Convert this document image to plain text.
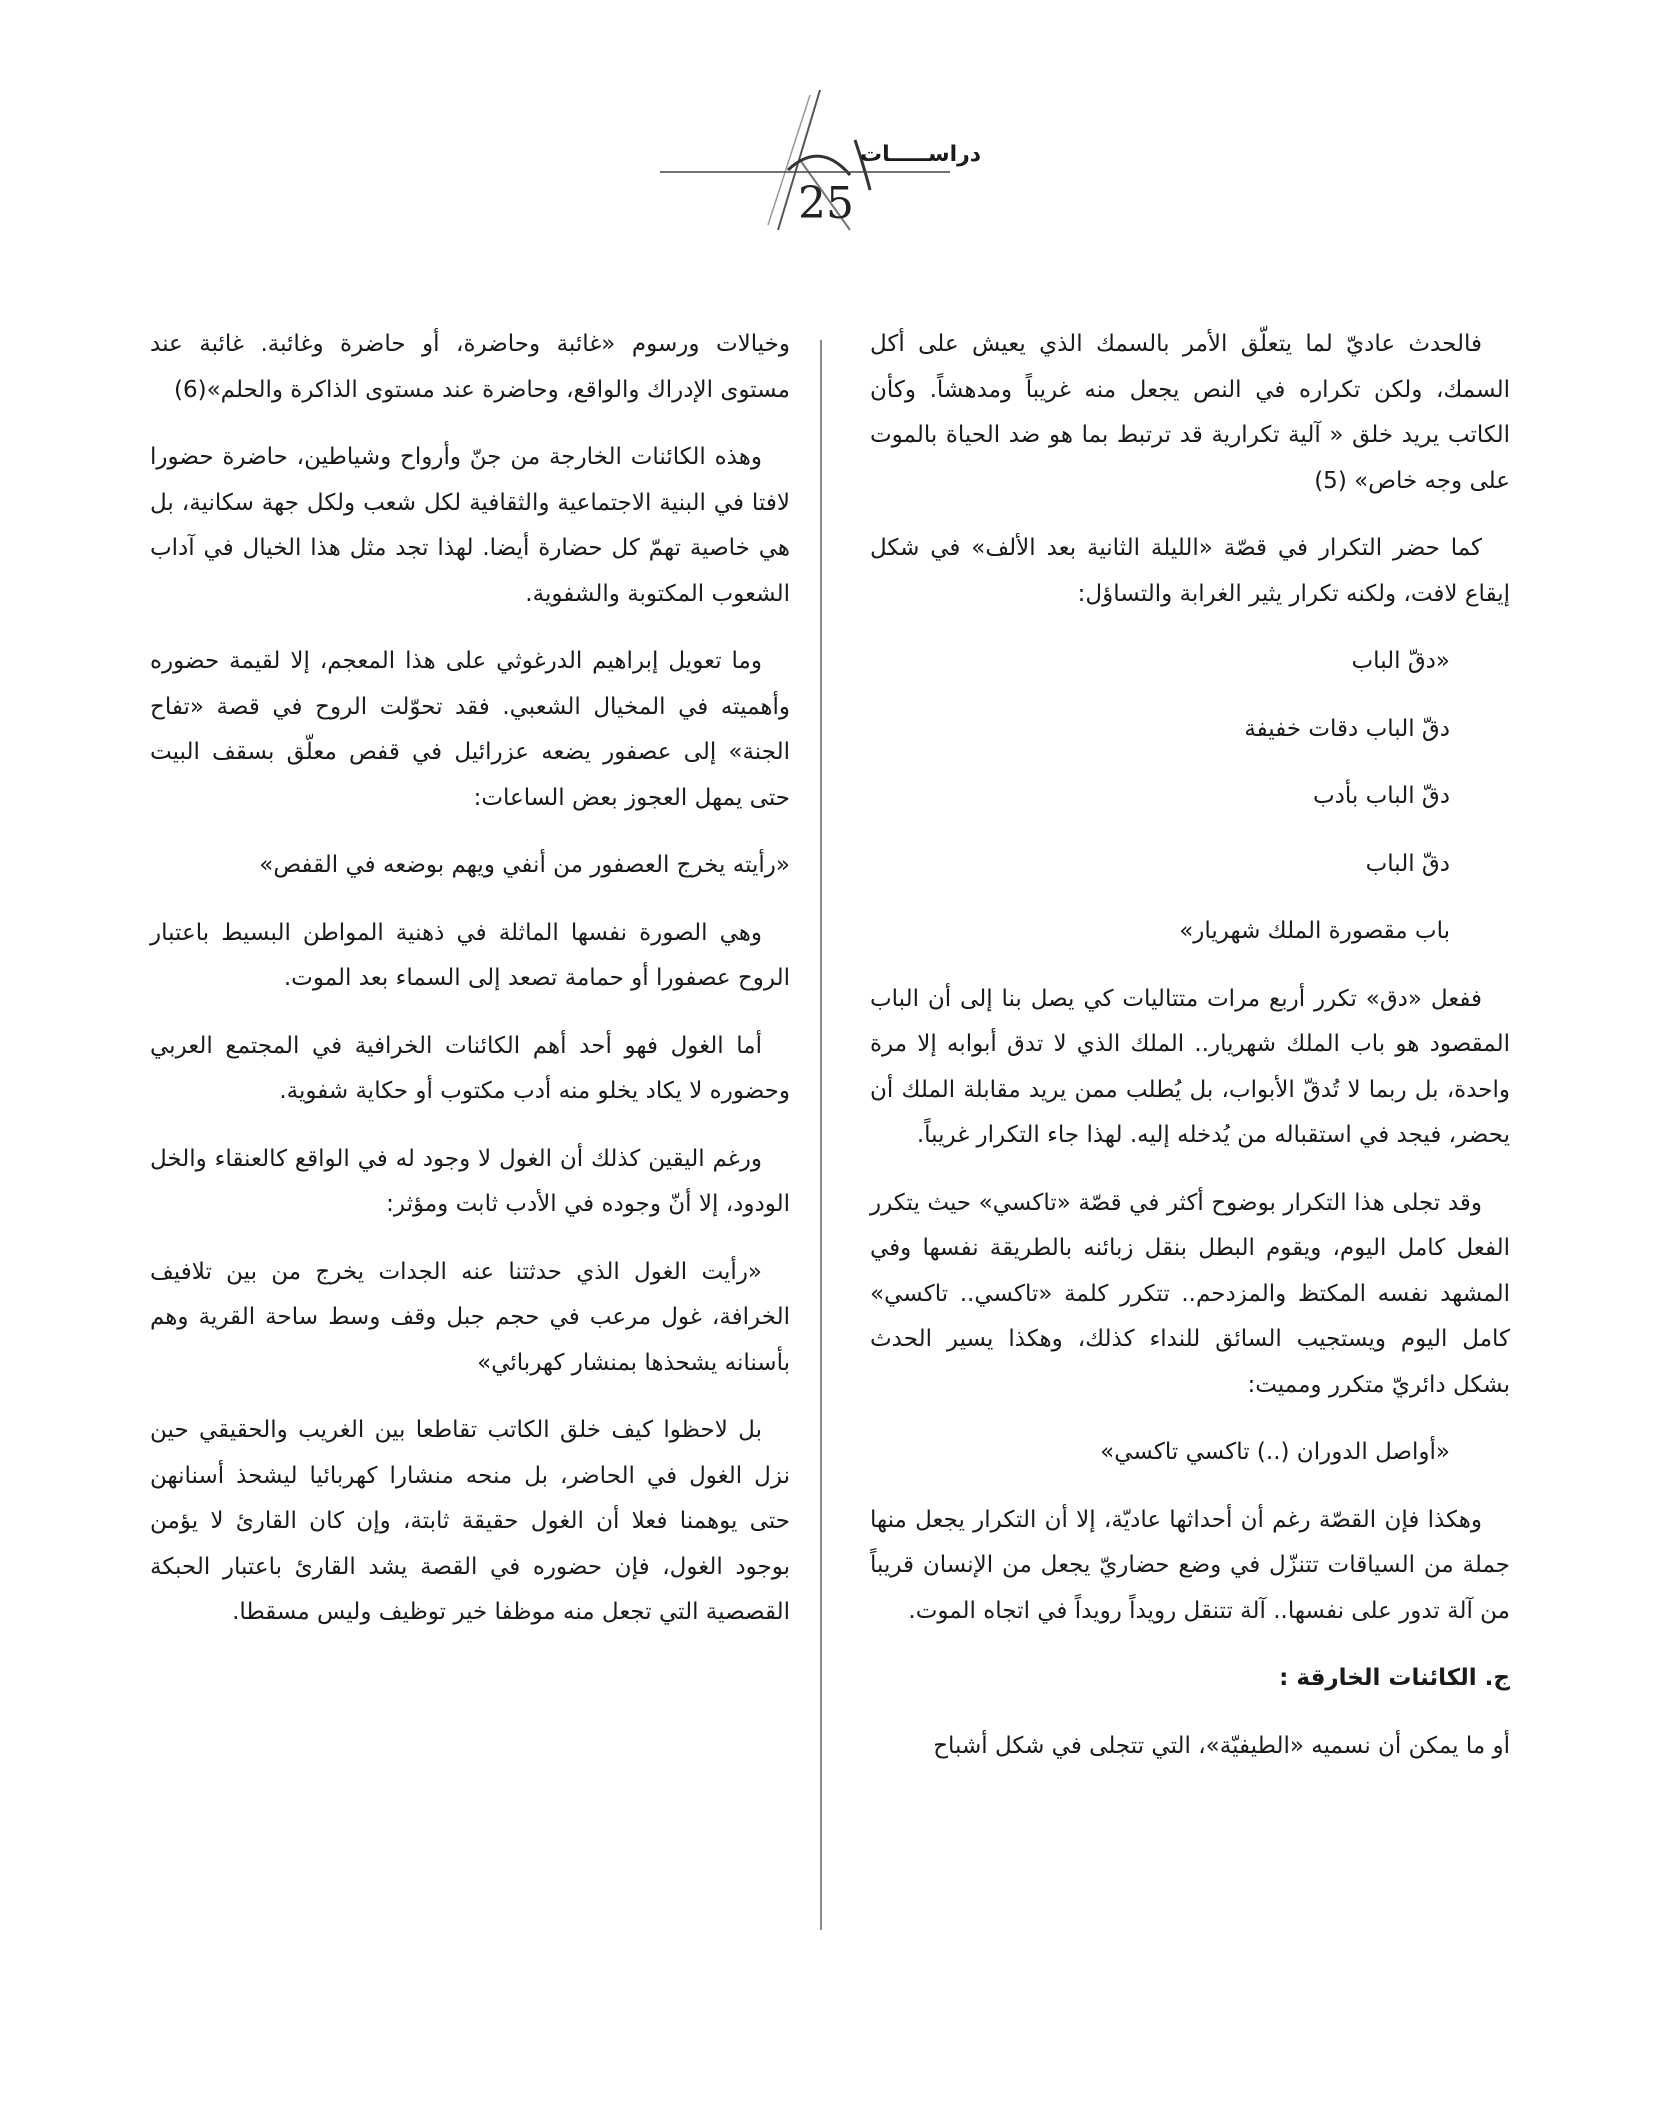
دراســـــات
25

فالحدث عاديّ لما يتعلّق الأمر بالسمك الذي يعيش على أكل السمك، ولكن تكراره في النص يجعل منه غريباً ومدهشاً. وكأن الكاتب يريد خلق « آلية تكرارية قد ترتبط بما هو ضد الحياة بالموت على وجه خاص» (5)

كما حضر التكرار في قصّة «الليلة الثانية بعد الألف» في شكل إيقاع لافت، ولكنه تكرار يثير الغرابة والتساؤل:

«دقّ الباب

دقّ الباب دقات خفيفة

دقّ الباب بأدب

دقّ الباب

باب مقصورة الملك شهريار»

ففعل «دق» تكرر أربع مرات متتاليات كي يصل بنا إلى أن الباب المقصود هو باب الملك شهريار.. الملك الذي لا تدق أبوابه إلا مرة واحدة، بل ربما لا تُدقّ الأبواب، بل يُطلب ممن يريد مقابلة الملك أن يحضر، فيجد في استقباله من يُدخله إليه. لهذا جاء التكرار غريباً.

وقد تجلى هذا التكرار بوضوح أكثر في قصّة «تاكسي» حيث يتكرر الفعل كامل اليوم، ويقوم البطل بنقل زبائنه بالطريقة نفسها وفي المشهد نفسه المكتظ والمزدحم.. تتكرر كلمة «تاكسي.. تاكسي» كامل اليوم ويستجيب السائق للنداء كذلك، وهكذا يسير الحدث بشكل دائريّ متكرر ومميت:

«أواصل الدوران (..) تاكسي تاكسي»

وهكذا فإن القصّة رغم أن أحداثها عاديّة، إلا أن التكرار يجعل منها جملة من السياقات تتنزّل في وضع حضاريّ يجعل من الإنسان قريباً من آلة تدور على نفسها.. آلة تتنقل رويداً رويداً في اتجاه الموت.

ج. الكائنات الخارقة :

أو ما يمكن أن نسميه «الطيفيّة»، التي تتجلى في شكل أشباح

وخيالات ورسوم «غائبة وحاضرة، أو حاضرة وغائبة. غائبة عند مستوى الإدراك والواقع، وحاضرة عند مستوى الذاكرة والحلم»(6)

وهذه الكائنات الخارجة من جنّ وأرواح وشياطين، حاضرة حضورا لافتا في البنية الاجتماعية والثقافية لكل شعب ولكل جهة سكانية، بل هي خاصية تهمّ كل حضارة أيضا. لهذا تجد مثل هذا الخيال في آداب الشعوب المكتوبة والشفوية.

وما تعويل إبراهيم الدرغوثي على هذا المعجم، إلا لقيمة حضوره وأهميته في المخيال الشعبي. فقد تحوّلت الروح في قصة «تفاح الجنة» إلى عصفور يضعه عزرائيل في قفص معلّق بسقف البيت حتى يمهل العجوز بعض الساعات:

«رأيته يخرج العصفور من أنفي ويهم بوضعه في القفص»

وهي الصورة نفسها الماثلة في ذهنية المواطن البسيط باعتبار الروح عصفورا أو حمامة تصعد إلى السماء بعد الموت.

أما الغول فهو أحد أهم الكائنات الخرافية في المجتمع العربي وحضوره لا يكاد يخلو منه أدب مكتوب أو حكاية شفوية.

ورغم اليقين كذلك أن الغول لا وجود له في الواقع كالعنقاء والخل الودود، إلا أنّ وجوده في الأدب ثابت ومؤثر:

«رأيت الغول الذي حدثتنا عنه الجدات يخرج من بين تلافيف الخرافة، غول مرعب في حجم جبل وقف وسط ساحة القرية وهم بأسنانه يشحذها بمنشار كهربائي»

بل لاحظوا كيف خلق الكاتب تقاطعا بين الغريب والحقيقي حين نزل الغول في الحاضر، بل منحه منشارا كهربائيا ليشحذ أسنانهن حتى يوهمنا فعلا أن الغول حقيقة ثابتة، وإن كان القارئ لا يؤمن بوجود الغول، فإن حضوره في القصة يشد القارئ باعتبار الحبكة القصصية التي تجعل منه موظفا خير توظيف وليس مسقطا.
